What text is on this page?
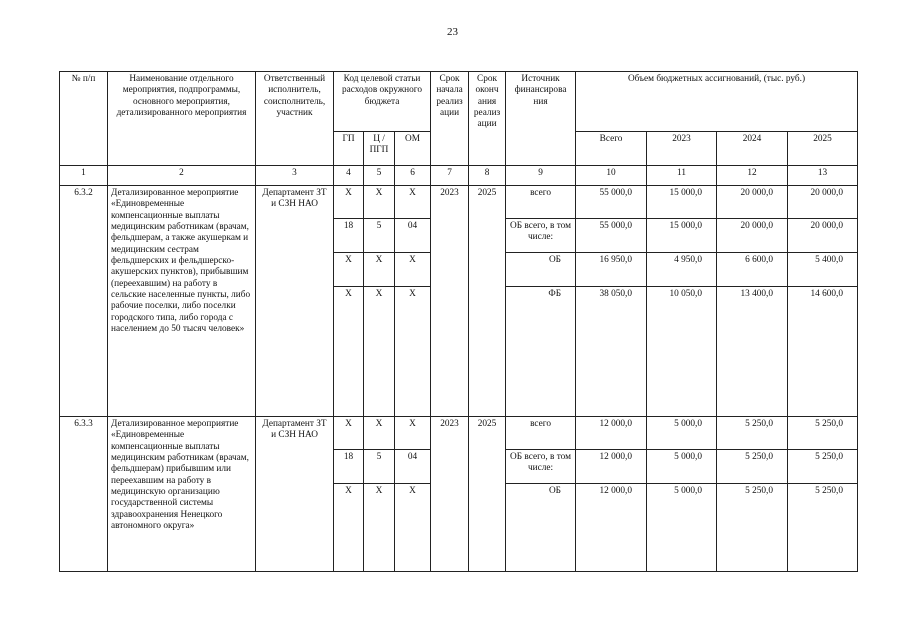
23
№ п/п	Наименование отдельного мероприятия, подпрограммы, основного мероприятия, детализированного мероприятия	Ответственный исполнитель, соисполнитель, участник	Код целевой статьи расходов окружного бюджета			Срок начала реализ ации	Срок оконч ания реализ ации	Источник финансирова ния	Объем бюджетных ассигнований, (тыс. руб.)			
			ГП	Ц / ПГП	ОМ				Всего	2023	2024	2025
1	2	3	4	5	6	7	8	9	10	11	12	13
6.3.2	Детализированное мероприятие «Единовременные компенсационные выплаты медицинским работникам (врачам, фельдшерам, а также акушеркам и медицинским сестрам фельдшерских и фельдшерско-акушерских пунктов), прибывшим (переехавшим) на работу в сельские населенные пункты, либо рабочие поселки, либо поселки городского типа, либо города с населением до 50 тысяч человек»	Департамент ЗТ и СЗН НАО	X	X	X	2023	2025	всего	55 000,0	15 000,0	20 000,0	20 000,0
			18	5	04			ОБ всего, в том числе:	55 000,0	15 000,0	20 000,0	20 000,0
			X	X	X			ОБ	16 950,0	4 950,0	6 600,0	5 400,0
			X	X	X			ФБ	38 050,0	10 050,0	13 400,0	14 600,0
6.3.3	Детализированное мероприятие «Единовременные компенсационные выплаты медицинским работникам (врачам, фельдшерам) прибывшим или переехавшим на работу в медицинскую организацию государственной системы здравоохранения Ненецкого автономного округа»	Департамент ЗТ и СЗН НАО	X	X	X	2023	2025	всего	12 000,0	5 000,0	5 250,0	5 250,0
			18	5	04			ОБ всего, в том числе:	12 000,0	5 000,0	5 250,0	5 250,0
			X	X	X			ОБ	12 000,0	5 000,0	5 250,0	5 250,0
